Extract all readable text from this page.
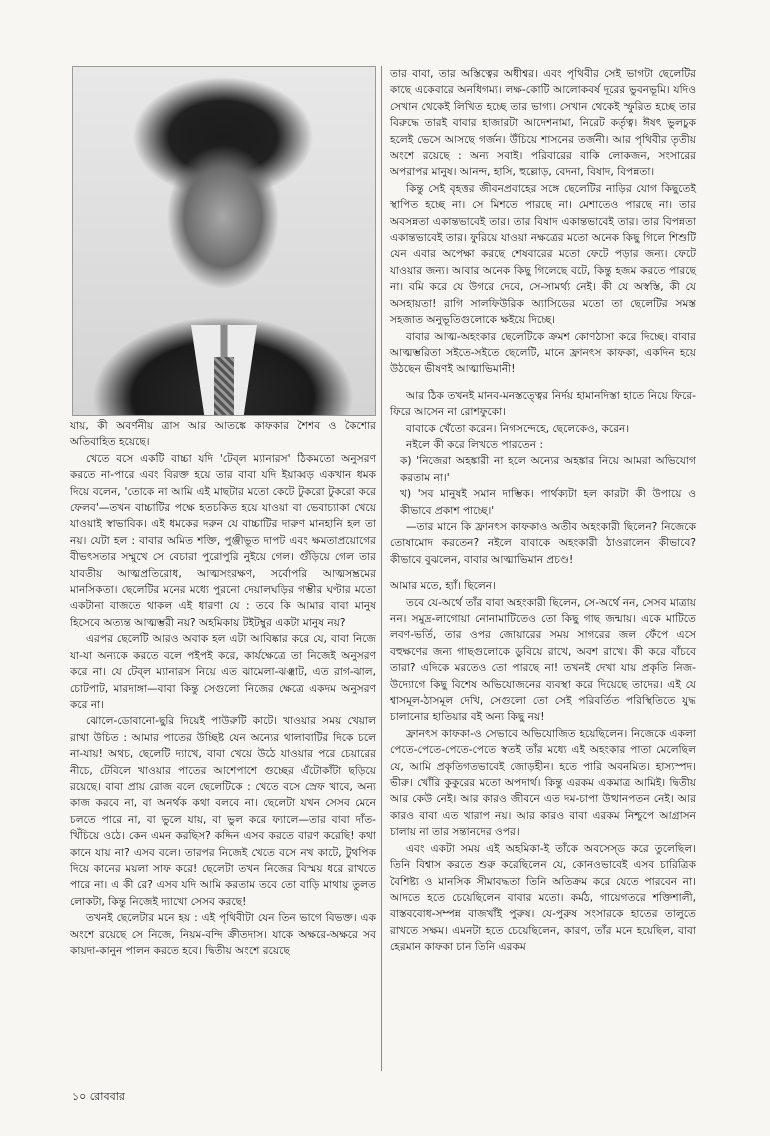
যায়, কী অবর্ণনীয় ত্রাস আর আতঙ্কে কাফকার শৈশব ও কৈশোর অতিবাহিত হয়েছে।

খেতে বসে একটি বাচ্চা যদি 'টেব্‌ল ম্যানারস' ঠিকমতো অনুসরণ করতে না-পারে এবং বিরক্ত হয়ে তার বাবা যদি ইয়াব্বড় একখান ধমক দিয়ে বলেন, 'তোকে না আমি এই মাছটার মতো কেটে টুকরো টুকরো করে ফেলব'—তখন বাচ্চাটির পক্ষে হতচকিত হয়ে যাওয়া বা ভেবাচ্যাকা খেয়ে যাওয়াই স্বাভাবিক। এই ধমকের দরুন যে বাচ্চাটির দারুণ মানহানি হল তা নয়। যেটা হল : বাবার অমিত শক্তি, পুঞ্জীভূত দাপট এবং ক্ষমতাপ্রয়োগের বীভৎসতার সম্মুখে সে বেচারা পুরোপুরি নুইয়ে গেল। গুঁড়িয়ে গেল তার যাবতীয় আত্মপ্রতিরোধ, আত্মসংরক্ষণ, সর্বোপরি আত্মসম্ভ্রমের মানসিকতা। ছেলেটির মনের মধ্যে পুরনো দেয়ালঘড়ির গম্ভীর ঘণ্টার মতো একটানা বাজতে থাকল এই ধারণা যে : তবে কি আমার বাবা মানুষ হিসেবে অত্যন্ত আত্মম্ভরী নয়? অহমিকায় টইটম্বুর একটা মানুষ নয়?

এরপর ছেলেটি আরও অবাক হল এটা আবিষ্কার করে যে, বাবা নিজে যা-যা অন্যকে করতে বলে পইপই করে, কার্যক্ষেত্রে তা নিজেই অনুসরণ করে না। যে টেব্‌ল ম্যানারস নিয়ে এত ঝামেলা-ঝঞ্ঝাট, এত রাগ-ঝাল, চোটপাট, মারদাঙ্গা—বাবা কিন্তু সেগুলো নিজের ক্ষেত্রে একদম অনুসরণ করে না।

ঝোলে-ডোবানো-ছুরি দিয়েই পাউরুটি কাটে। খাওয়ার সময় খেয়াল রাখা উচিত : আমার পাতের উচ্ছিষ্ট যেন অন্যের থালাবাটির দিকে চলে না-যায়! অথচ, ছেলেটি দ্যাখে, বাবা খেয়ে উঠে যাওয়ার পরে চেয়ারের নীচে, টেবিলে খাওয়ার পাতের আশেপাশে গুচ্ছের এঁটোকাঁটা ছড়িয়ে রয়েছে। বাবা প্রায় রোজ বলে ছেলেটিকে : খেতে বসে স্রেফ খাবে, অন্য কাজ করবে না, বা অনর্থক কথা বলবে না। ছেলেটা যখন সেসব মেনে চলতে পারে না, বা ভুলে যায়, বা ভুল করে ফ্যালে—তার বাবা দাঁত-খিঁচিয়ে ওঠে। কেন এমন করছিস? কদ্দিন এসব করতে বারণ করেছি! কথা কানে যায় না? এসব বলে। তারপর নিজেই খেতে বসে নখ কাটে, টুথপিক দিয়ে কানের ময়লা সাফ করে! ছেলেটা তখন নিজের বিস্ময় ধরে রাখতে পারে না। এ কী রে? এসব যদি আমি করতাম তবে তো বাড়ি মাথায় তুলত লোকটা, কিন্তু নিজেই দ্যাখো সেসব করছে!

তখনই ছেলেটার মনে হয় : এই পৃথিবীটা যেন তিন ভাগে বিভক্ত। এক অংশে রয়েছে সে নিজে, নিয়ম-বন্দি ক্রীতদাস। যাকে অক্ষরে-অক্ষরে সব কায়দা-কানুন পালন করতে হবে। দ্বিতীয় অংশে রয়েছে

তার বাবা, তার অস্তিত্বের অধীশ্বর। এবং পৃথিবীর সেই ভাগটা ছেলেটির কাছে একেবারে অনধিগম্য। লক্ষ-কোটি আলোকবর্ষ দূরের ভুবনভূমি। যদিও সেখান থেকেই লিখিত হচ্ছে তার ভাগ্য। সেখান থেকেই স্ফুরিত হচ্ছে তার বিরুদ্ধে তারই বাবার হাজারটা আদেশনামা, নিরেট কর্তৃত্ব। ঈষৎ ভুলচুক হলেই ভেসে আসছে গর্জন। উঁচিয়ে শাসনের তর্জনী। আর পৃথিবীর তৃতীয় অংশে রয়েছে : অন্য সবাই। পরিবারের বাকি লোকজন, সংসারের অপরাপর মানুষ। আনন্দ, হাসি, হুল্লোড়, বেদনা, বিষাদ, বিপন্নতা।

কিন্তু সেই বৃহত্তর জীবনপ্রবাহের সঙ্গে ছেলেটির নাড়ির যোগ কিছুতেই স্থাপিত হচ্ছে না। সে মিশতে পারছে না। মেশাতেও পারছে না। তার অবসন্নতা একান্তভাবেই তার। তার বিষাদ একান্তভাবেই তার। তার বিপন্নতা একান্তভাবেই তার। ফুরিয়ে যাওয়া নক্ষত্রের মতো অনেক কিছু গিলে শিশুটি যেন এবার অপেক্ষা করছে শেষবারের মতো ফেটে পড়ার জন্য। ফেটে যাওয়ার জন্য। আবার অনেক কিছু গিলেছে বটে, কিন্তু হজম করতে পারছে না। বমি করে যে উগরে দেবে, সে-সামর্থ্য নেই। কী যে অস্বস্তি, কী যে অসহায়তা! রাগি সালফিউরিক অ্যাসিডের মতো তা ছেলেটির সমস্ত সহজাত অনুভূতিগুলোকে ক্ষইয়ে দিচ্ছে।

বাবার আত্ম-অহংকার ছেলেটিকে ক্রমশ কোণঠাসা করে দিচ্ছে। বাবার আত্মম্ভরিতা সইতে-সইতে ছেলেটি, মানে ফ্রানৎস কাফকা, একদিন হয়ে উঠছেন ভীষণই আত্মাভিমানী!

আর ঠিক তখনই মানব-মনস্তত্ত্বের নির্দয় হামানদিস্তা হাতে নিয়ে ফিরে-ফিরে আসেন না রোশফুকো।

বাবাকে খেঁতো করেন। নিগসন্দেহে, ছেলেকেও, করেন।

নইলে কী করে লিখতে পারতেন :

ক) 'নিজেরা অহঙ্কারী না হলে অন্যের অহঙ্কার নিয়ে আমরা অভিযোগ করতাম না।'

খ) 'সব মানুষই সমান দাম্ভিক। পার্থক্যটা হল কারটা কী উপায়ে ও কীভাবে প্রকাশ পাচ্ছে।'

—তার মানে কি ফ্রানৎস কাফকাও অতীব অহংকারী ছিলেন? নিজেকে তোষামোদ করতেন? নইলে বাবাকে অহংকারী ঠাওরালেন কীভাবে? কীভাবে বুঝলেন, বাবার আত্মাভিমান প্রচণ্ড!

আমার মতে, হ্যাঁ। ছিলেন।

তবে যে-অর্থে তাঁর বাবা অহংকারী ছিলেন, সে-অর্থে নন, সেসব মাত্রায় নন। সমুদ্র-লাগোয়া নোনামাটিতেও তো কিছু গাছ জন্মায়। একে মাটিতে লবণ-ভর্তি, তার ওপর জোয়ারের সময় সাগরের জল ফেঁপে এসে বহুক্ষণের জন্য গাছগুলোকে ডুবিয়ে রাখে, অবশ রাখে। কী করে বাঁচবে তারা? এদিকে মরতেও তো পারছে না! তখনই দেখা যায় প্রকৃতি নিজ-উদ্যোগে কিছু বিশেষ অভিযোজনের ব্যবস্থা করে দিয়েছে তাদের। এই যে শ্বাসমূল-ঠাসমূল দেখি, সেগুলো তো সেই পরিবর্তিত পরিস্থিতিতে যুদ্ধ চালানোর হাতিয়ার বই অন্য কিছু নয়!

ফ্রানৎস কাফকা-ও সেভাবে অভিযোজিত হয়েছিলেন। নিজেকে একলা পেতে-পেতে-পেতে-পেতে স্বতই তাঁর মধ্যে এই অহংকার পাতা মেলেছিল যে, আমি প্রকৃতিগতভাবেই জোড়হীন। হতে পারি অবনমিত। হাস্যস্পদ। ভীরু। খোঁরি কুকুরের মতো অপদার্থ। কিন্তু এরকম একমাত্র আমিই। দ্বিতীয় আর কেউ নেই। আর কারও জীবনে এত দম-চাপা উত্থানপতন নেই। আর কারও বাবা এত খারাপ নয়। আর কারও বাবা এরকম নিশ্চুপে আগ্রাসন চালায় না তার সন্তানদের ওপর।

এবং একটা সময় এই অহমিকা-ই তাঁকে অবসেস্‌ড করে তুলেছিল। তিনি বিশ্বাস করতে শুরু করেছিলেন যে, কোনওভাবেই এসব চারিত্রিক বৈশিষ্ট্য ও মানসিক সীমাবদ্ধতা তিনি অতিক্রম করে যেতে পারবেন না। আদতে হতে চেয়েছিলেন বাবার মতো। কর্মঠ, গায়েগতরে শক্তিশালী, বাস্তববোধ-সম্পন্ন বাজখাঁই পুরুষ। যে-পুরুষ সংসারকে হাতের তালুতে রাখতে সক্ষম। এমনটা হতে চেয়েছিলেন, কারণ, তাঁর মনে হয়েছিল, বাবা হেরমান কাফকা চান তিনি এরকম

১০ রোববার
